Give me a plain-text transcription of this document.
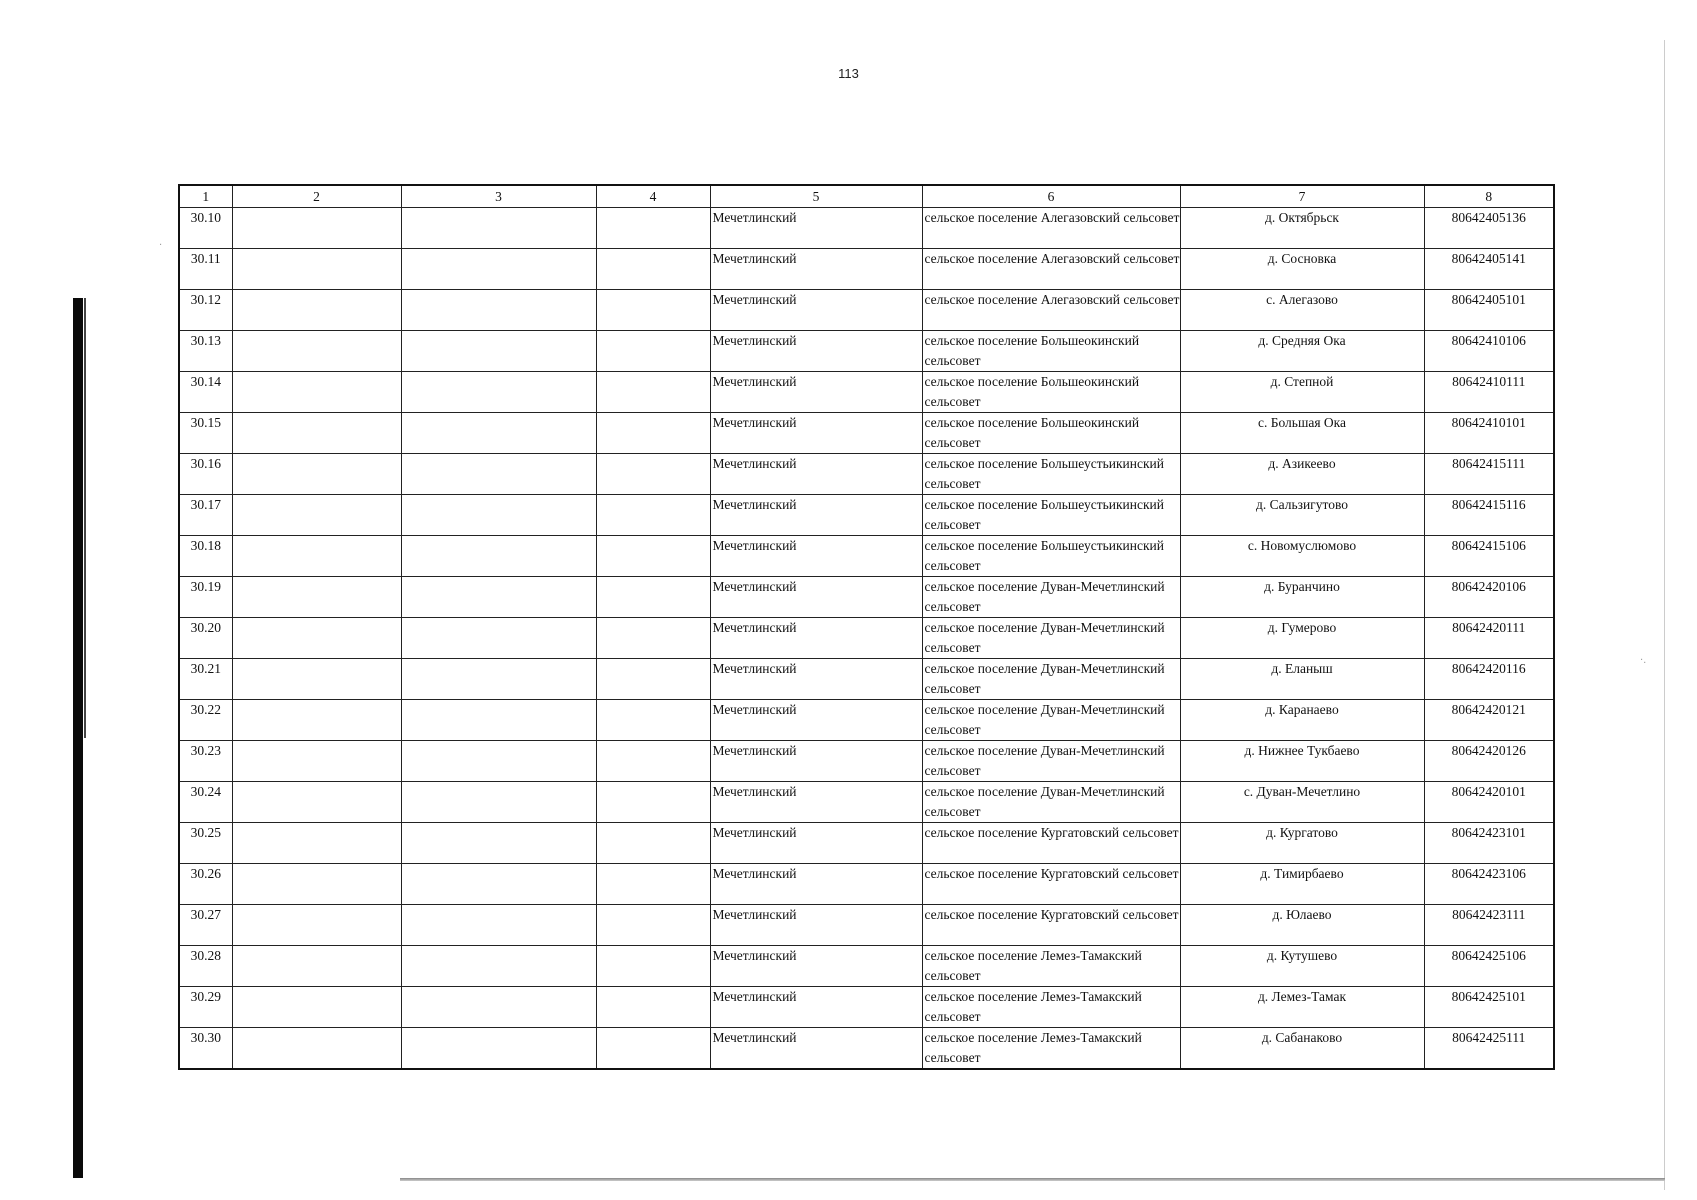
113
·
·.
1	2	3	4	5	6	7	8
30.10				Мечетлинский	сельское поселение Алегазовский сельсовет	д. Октябрьск	80642405136
30.11				Мечетлинский	сельское поселение Алегазовский сельсовет	д. Сосновка	80642405141
30.12				Мечетлинский	сельское поселение Алегазовский сельсовет	с. Алегазово	80642405101
30.13				Мечетлинский	сельское поселение Большеокинский сельсовет	д. Средняя Ока	80642410106
30.14				Мечетлинский	сельское поселение Большеокинский сельсовет	д. Степной	80642410111
30.15				Мечетлинский	сельское поселение Большеокинский сельсовет	с. Большая Ока	80642410101
30.16				Мечетлинский	сельское поселение Большеустьикинский сельсовет	д. Азикеево	80642415111
30.17				Мечетлинский	сельское поселение Большеустьикинский сельсовет	д. Сальзигутово	80642415116
30.18				Мечетлинский	сельское поселение Большеустьикинский сельсовет	с. Новомуслюмово	80642415106
30.19				Мечетлинский	сельское поселение Дуван-Мечетлинский сельсовет	д. Буранчино	80642420106
30.20				Мечетлинский	сельское поселение Дуван-Мечетлинский сельсовет	д. Гумерово	80642420111
30.21				Мечетлинский	сельское поселение Дуван-Мечетлинский сельсовет	д. Еланыш	80642420116
30.22				Мечетлинский	сельское поселение Дуван-Мечетлинский сельсовет	д. Каранаево	80642420121
30.23				Мечетлинский	сельское поселение Дуван-Мечетлинский сельсовет	д. Нижнее Тукбаево	80642420126
30.24				Мечетлинский	сельское поселение Дуван-Мечетлинский сельсовет	с. Дуван-Мечетлино	80642420101
30.25				Мечетлинский	сельское поселение Кургатовский сельсовет	д. Кургатово	80642423101
30.26				Мечетлинский	сельское поселение Кургатовский сельсовет	д. Тимирбаево	80642423106
30.27				Мечетлинский	сельское поселение Кургатовский сельсовет	д. Юлаево	80642423111
30.28				Мечетлинский	сельское поселение Лемез-Тамакский сельсовет	д. Кутушево	80642425106
30.29				Мечетлинский	сельское поселение Лемез-Тамакский сельсовет	д. Лемез-Тамак	80642425101
30.30				Мечетлинский	сельское поселение Лемез-Тамакский сельсовет	д. Сабанаково	80642425111
